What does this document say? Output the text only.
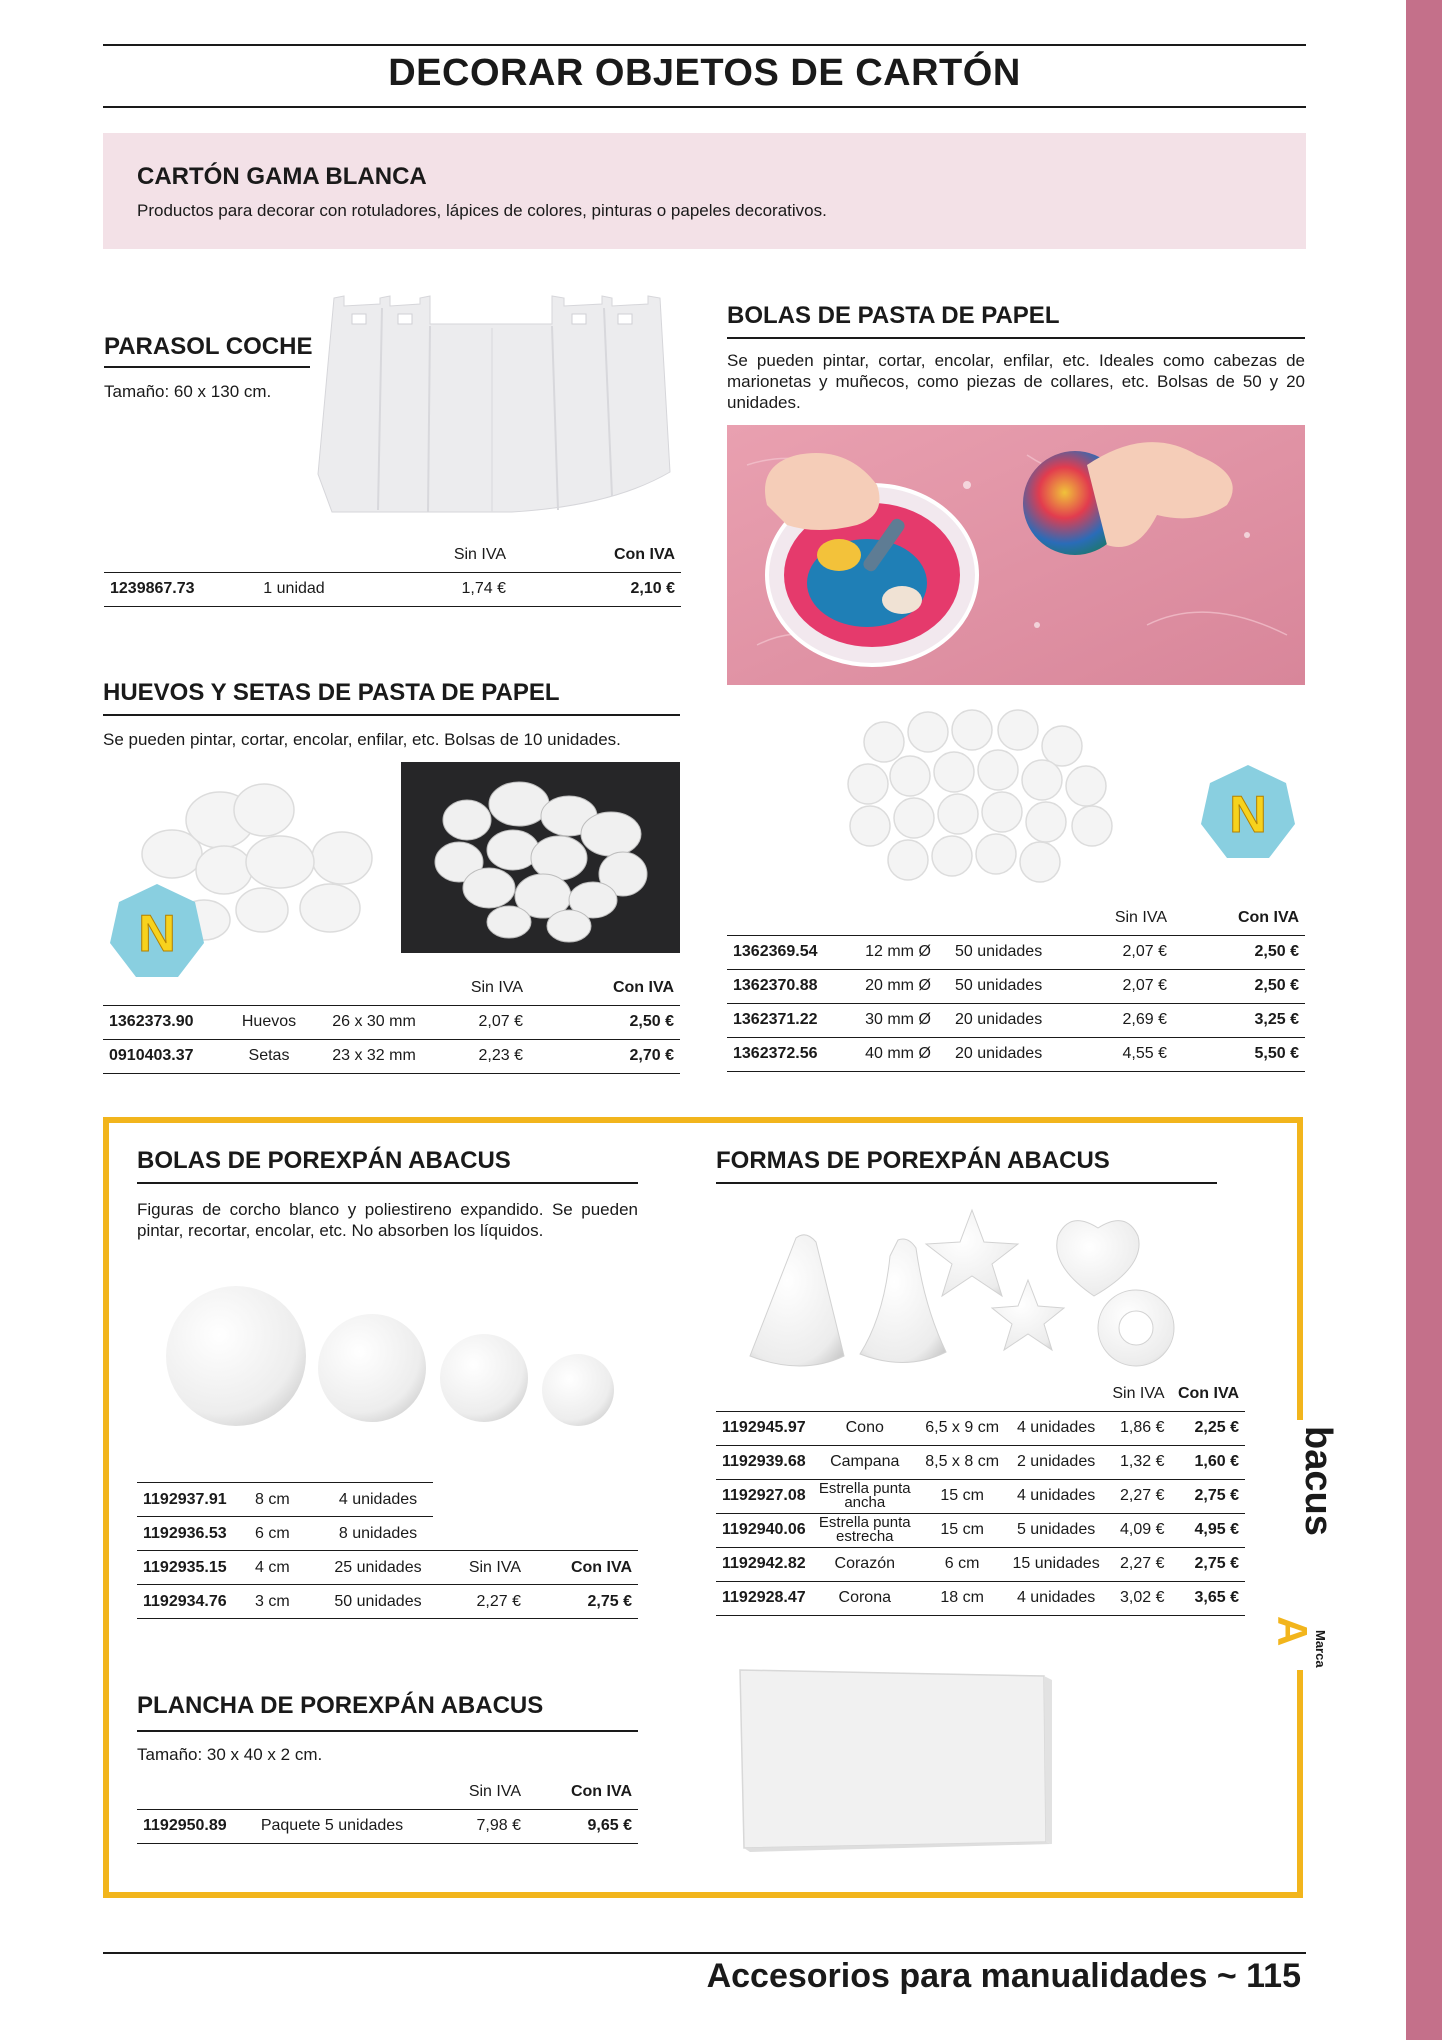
DECORAR OBJETOS DE CARTÓN
CARTÓN GAMA BLANCA
Productos para decorar con rotuladores, lápices de colores, pinturas o papeles decorativos.
PARASOL COCHE
Tamaño: 60 x 130 cm.
		Sin IVA	Con IVA
1239867.73	1 unidad	1,74 €	2,10 €
HUEVOS Y SETAS DE PASTA DE PAPEL
Se pueden pintar, cortar, encolar, enfilar, etc. Bolsas de 10 unidades.
N
			Sin IVA	Con IVA
1362373.90	Huevos	26 x 30 mm	2,07 €	2,50 €
0910403.37	Setas	23 x 32 mm	2,23 €	2,70 €
BOLAS DE PASTA DE PAPEL
Se pueden pintar, cortar, encolar, enfilar, etc. Ideales como cabezas de marionetas y muñecos, como piezas de collares, etc. Bolsas de 50 y 20 unidades.
N
			Sin IVA	Con IVA
1362369.54	12 mm Ø	50 unidades	2,07 €	2,50 €
1362370.88	20 mm Ø	50 unidades	2,07 €	2,50 €
1362371.22	30 mm Ø	20 unidades	2,69 €	3,25 €
1362372.56	40 mm Ø	20 unidades	4,55 €	5,50 €
BOLAS DE POREXPÁN ABACUS
Figuras de corcho blanco y poliestireno expandido. Se pueden pintar, recortar, encolar, etc. No absorben los líquidos.
1192937.91	8 cm	4 unidades		
1192936.53	6 cm	8 unidades		
1192935.15	4 cm	25 unidades	Sin IVA	Con IVA
1192934.76	3 cm	50 unidades	2,27 €	2,75 €
FORMAS DE POREXPÁN ABACUS
				Sin IVA	Con IVA
1192945.97	Cono	6,5 x 9 cm	4 unidades	1,86 €	2,25 €
1192939.68	Campana	8,5 x 8 cm	2 unidades	1,32 €	1,60 €
1192927.08	Estrella punta
ancha	15 cm	4 unidades	2,27 €	2,75 €
1192940.06	Estrella punta
estrecha	15 cm	5 unidades	4,09 €	4,95 €
1192942.82	Corazón	6 cm	15 unidades	2,27 €	2,75 €
1192928.47	Corona	18 cm	4 unidades	3,02 €	3,65 €
bacus
A
Marca
PLANCHA DE POREXPÁN ABACUS
Tamaño: 30 x 40 x 2 cm.
		Sin IVA	Con IVA
1192950.89	Paquete 5 unidades	7,98 €	9,65 €
Accesorios para manualidades ~ 115
